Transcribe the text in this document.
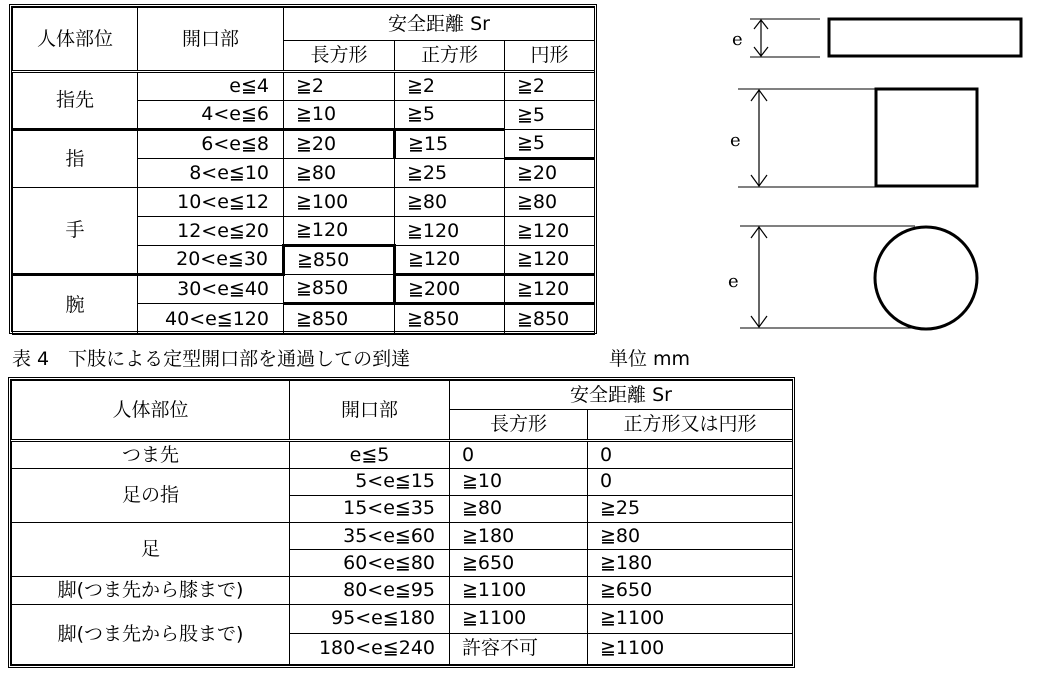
人体部位	開口部	安全距離 Sr		
		長方形	正方形	円形
指先	e≦4	≧2	≧2	≧2
	4<e≦6	≧10	≧5	≧5
指	6<e≦8	≧20	≧15	≧5
	8<e≦10	≧80	≧25	≧20
手	10<e≦12	≧100	≧80	≧80
	12<e≦20	≧120	≧120	≧120
	20<e≦30	≧850	≧120	≧120
腕	30<e≦40	≧850	≧200	≧120
	40<e≦120	≧850	≧850	≧850
e
e
e
表 4　下肢による定型開口部を通過しての到達	単位 mm
人体部位	開口部	安全距離 Sr	
		長方形	正方形又は円形
つま先	e≦5	0	0
足の指	5<e≦15	≧10	0
	15<e≦35	≧80	≧25
足	35<e≦60	≧180	≧80
	60<e≦80	≧650	≧180
脚(つま先から膝まで)	80<e≦95	≧1100	≧650
脚(つま先から股まで)	95<e≦180	≧1100	≧1100
	180<e≦240	許容不可	≧1100
